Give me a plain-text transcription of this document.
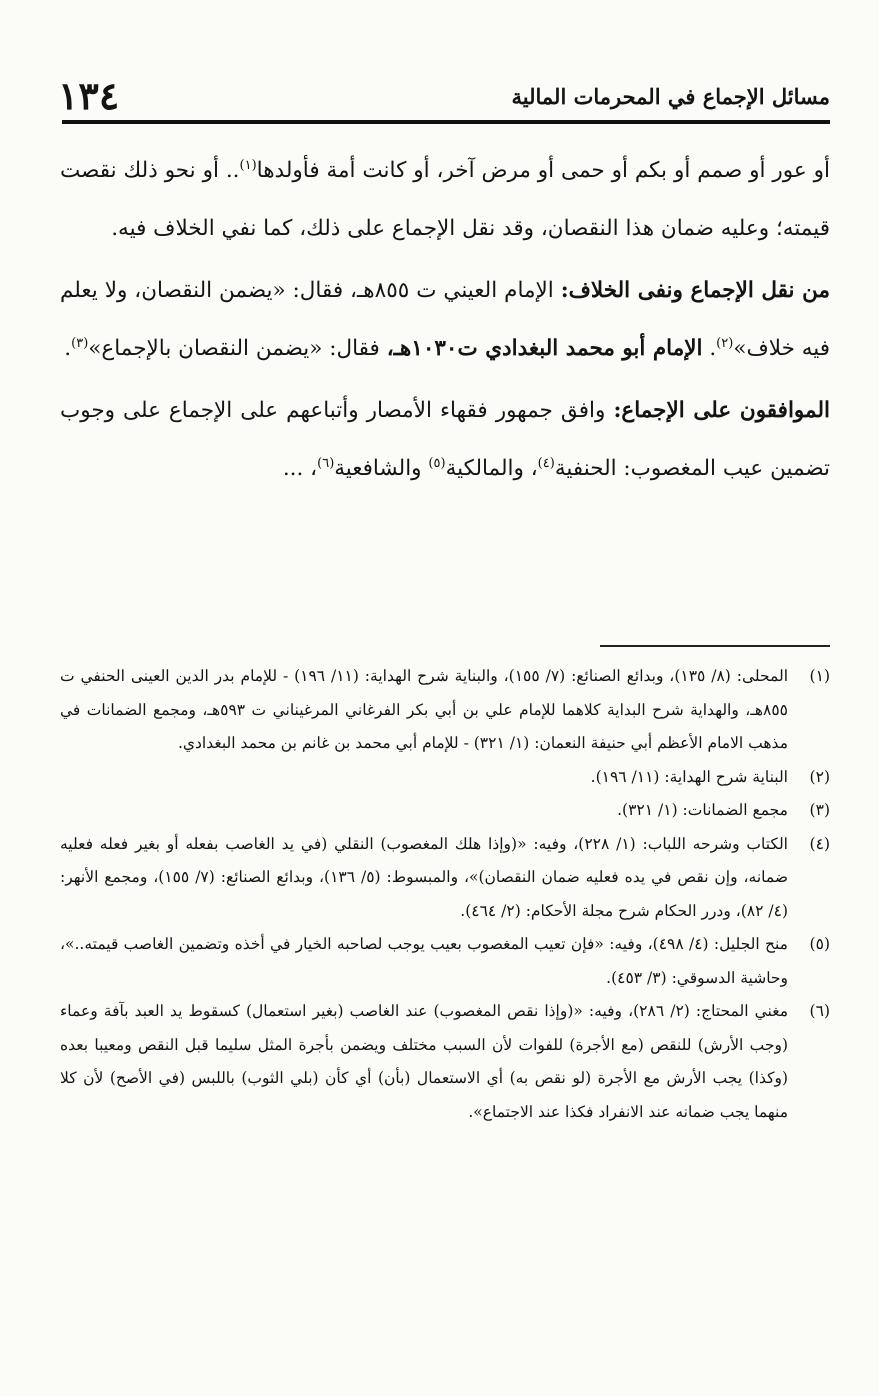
مسائل الإجماع في المحرمات المالية
١٣٤

أو عور أو صمم أو بكم أو حمى أو مرض آخر، أو كانت أمة فأولدها$^{(١)}$.. أو نحو ذلك نقصت قيمته؛ وعليه ضمان هذا النقصان، وقد نقل الإجماع على ذلك، كما نفي الخلاف فيه.

من نقل الإجماع ونفى الخلاف: الإمام العيني ت ٨٥٥هـ، فقال: «يضمن النقصان، ولا يعلم فيه خلاف»$^{(٢)}$. الإمام أبو محمد البغدادي ت١٠٣٠هـ، فقال: «يضمن النقصان بالإجماع»$^{(٣)}$.

الموافقون على الإجماع: وافق جمهور فقهاء الأمصار وأتباعهم على الإجماع على وجوب تضمين عيب المغصوب: الحنفية$^{(٤)}$، والمالكية$^{(٥)}$ والشافعية$^{(٦)}$، ...

(١)
المحلى: (٨/ ١٣٥)، وبدائع الصنائع: (٧/ ١٥٥)، والبناية شرح الهداية: (١١/ ١٩٦) - للإمام بدر الدين العينى الحنفي ت ٨٥٥هـ، والهداية شرح البداية كلاهما للإمام علي بن أبي بكر الفرغاني المرغيناني ت ٥٩٣هـ، ومجمع الضمانات في مذهب الامام الأعظم أبي حنيفة النعمان: (١/ ٣٢١) - للإمام أبي محمد بن غانم بن محمد البغدادي.
(٢)
البناية شرح الهداية: (١١/ ١٩٦).
(٣)
مجمع الضمانات: (١/ ٣٢١).
(٤)
الكتاب وشرحه اللباب: (١/ ٢٢٨)، وفيه: «(وإذا هلك المغصوب) النقلي (في يد الغاصب بفعله أو بغير فعله فعليه ضمانه، وإن نقص في يده فعليه ضمان النقصان)»، والمبسوط: (٥/ ١٣٦)، وبدائع الصنائع: (٧/ ١٥٥)، ومجمع الأنهر: (٤/ ٨٢)، ودرر الحكام شرح مجلة الأحكام: (٢/ ٤٦٤).
(٥)
منح الجليل: (٤/ ٤٩٨)، وفيه: «فإن تعيب المغصوب بعيب يوجب لصاحبه الخيار في أخذه وتضمين الغاصب قيمته..»، وحاشية الدسوقي: (٣/ ٤٥٣).
(٦)
مغني المحتاج: (٢/ ٢٨٦)، وفيه: «(وإذا نقص المغصوب) عند الغاصب (بغير استعمال) كسقوط يد العبد بآفة وعماء (وجب الأرش) للنقص (مع الأجرة) للفوات لأن السبب مختلف ويضمن بأجرة المثل سليما قبل النقص ومعيبا بعده (وكذا) يجب الأرش مع الأجرة (لو نقص به) أي الاستعمال (بأن) أي كأن (بلي الثوب) باللبس (في الأصح) لأن كلا منهما يجب ضمانه عند الانفراد فكذا عند الاجتماع».
